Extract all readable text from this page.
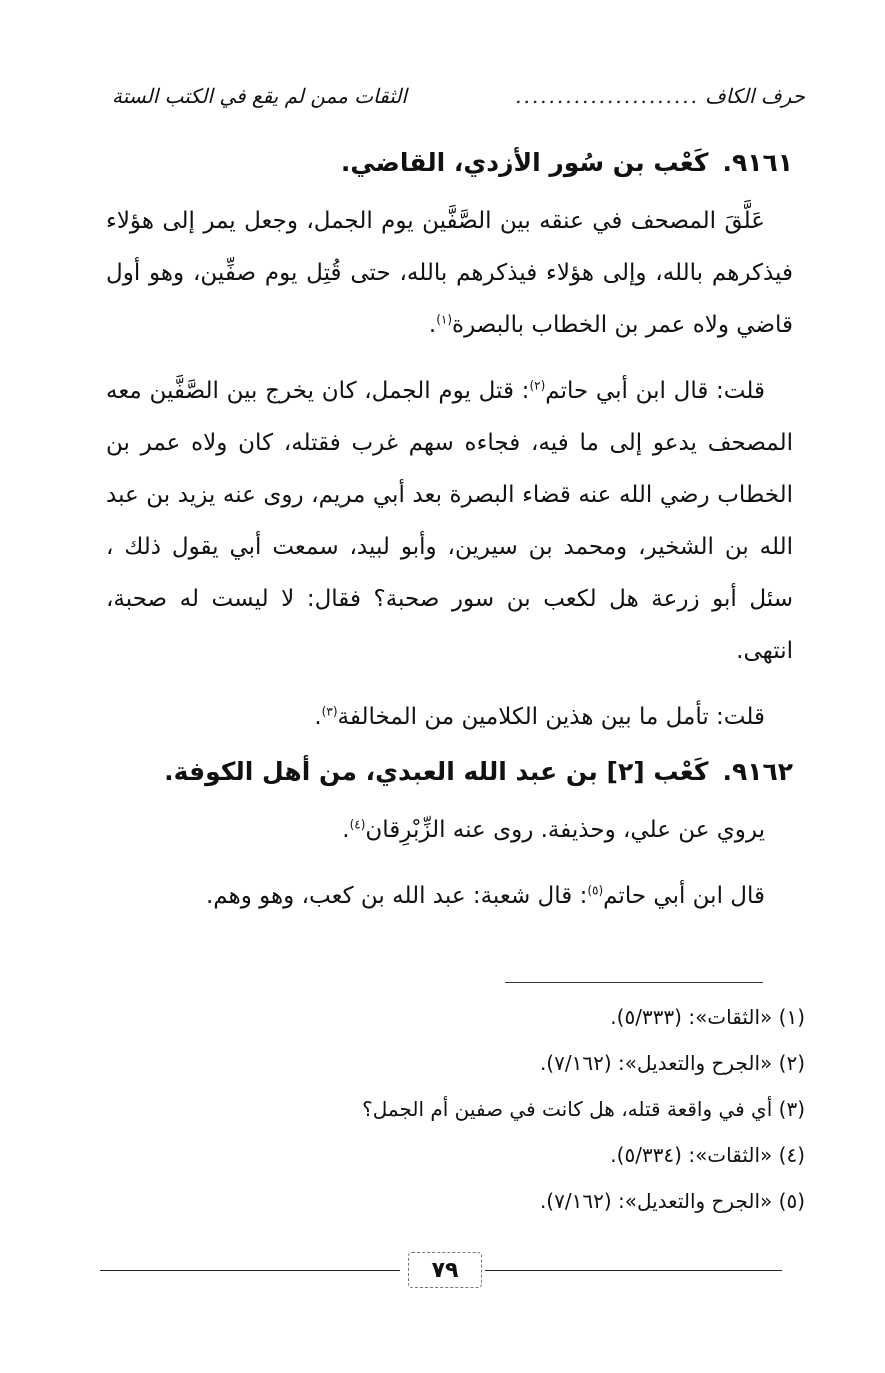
حرف الكاف
......................
الثقات ممن لم يقع في الكتب الستة
٩١٦١.كَعْب بن سُور الأزدي، القاضي.

عَلَّقَ المصحف في عنقه بين الصَّفَّين يوم الجمل، وجعل يمر إلى هؤلاء فيذكرهم بالله، وإلى هؤلاء فيذكرهم بالله، حتى قُتِل يوم صفِّين، وهو أول قاضي ولاه عمر بن الخطاب بالبصرة$^{(١)}$.

قلت: قال ابن أبي حاتم$^{(٢)}$: قتل يوم الجمل، كان يخرج بين الصَّفَّين معه المصحف يدعو إلى ما فيه، فجاءه سهم غرب فقتله، كان ولاه عمر بن الخطاب رضي الله عنه قضاء البصرة بعد أبي مريم، روى عنه يزيد بن عبد الله بن الشخير، ومحمد بن سيرين، وأبو لبيد، سمعت أبي يقول ذلك ، سئل أبو زرعة هل لكعب بن سور صحبة؟ فقال: لا ليست له صحبة، انتهى.

قلت: تأمل ما بين هذين الكلامين من المخالفة$^{(٣)}$.

٩١٦٢.كَعْب [٢] بن عبد الله العبدي، من أهل الكوفة.

يروي عن علي، وحذيفة. روى عنه الزِّبْرِقان$^{(٤)}$.

قال ابن أبي حاتم$^{(٥)}$: قال شعبة: عبد الله بن كعب، وهو وهم.

(١) «الثقات»: (٥/٣٣٣).
(٢) «الجرح والتعديل»: (٧/١٦٢).
(٣) أي في واقعة قتله، هل كانت في صفين أم الجمل؟
(٤) «الثقات»: (٥/٣٣٤).
(٥) «الجرح والتعديل»: (٧/١٦٢).
٧٩
